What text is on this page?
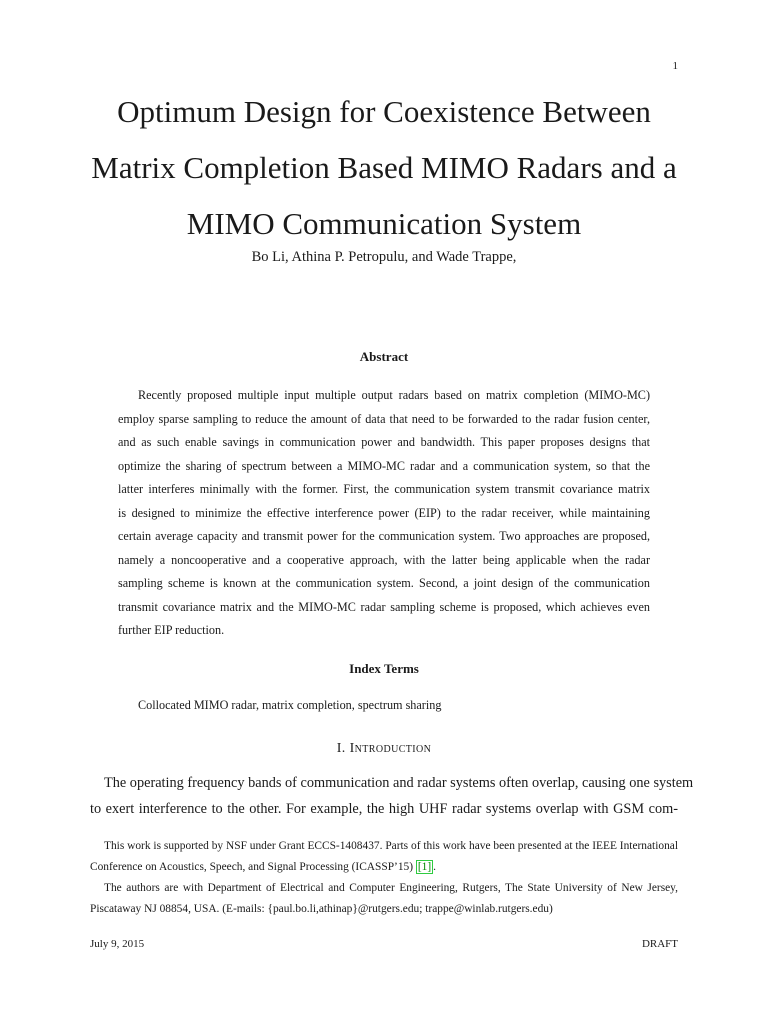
1
Optimum Design for Coexistence Between
Matrix Completion Based MIMO Radars and a
MIMO Communication System
Bo Li, Athina P. Petropulu, and Wade Trappe,
Abstract
Recently proposed multiple input multiple output radars based on matrix completion (MIMO-MC)
employ sparse sampling to reduce the amount of data that need to be forwarded to the radar fusion center,
and as such enable savings in communication power and bandwidth. This paper proposes designs that
optimize the sharing of spectrum between a MIMO-MC radar and a communication system, so that the
latter interferes minimally with the former. First, the communication system transmit covariance matrix
is designed to minimize the effective interference power (EIP) to the radar receiver, while maintaining
certain average capacity and transmit power for the communication system. Two approaches are proposed,
namely a noncooperative and a cooperative approach, with the latter being applicable when the radar
sampling scheme is known at the communication system. Second, a joint design of the communication
transmit covariance matrix and the MIMO-MC radar sampling scheme is proposed, which achieves even
further EIP reduction.
Index Terms
Collocated MIMO radar, matrix completion, spectrum sharing
I. Introduction
The operating frequency bands of communication and radar systems often overlap, causing one system
to exert interference to the other. For example, the high UHF radar systems overlap with GSM com-
This work is supported by NSF under Grant ECCS-1408437. Parts of this work have been presented at the IEEE International
Conference on Acoustics, Speech, and Signal Processing (ICASSP’15) [1] .
The authors are with Department of Electrical and Computer Engineering, Rutgers, The State University of New Jersey,
Piscataway NJ 08854, USA. (E-mails: {paul.bo.li,athinap}@rutgers.edu; trappe@winlab.rutgers.edu)
July 9, 2015	DRAFT
